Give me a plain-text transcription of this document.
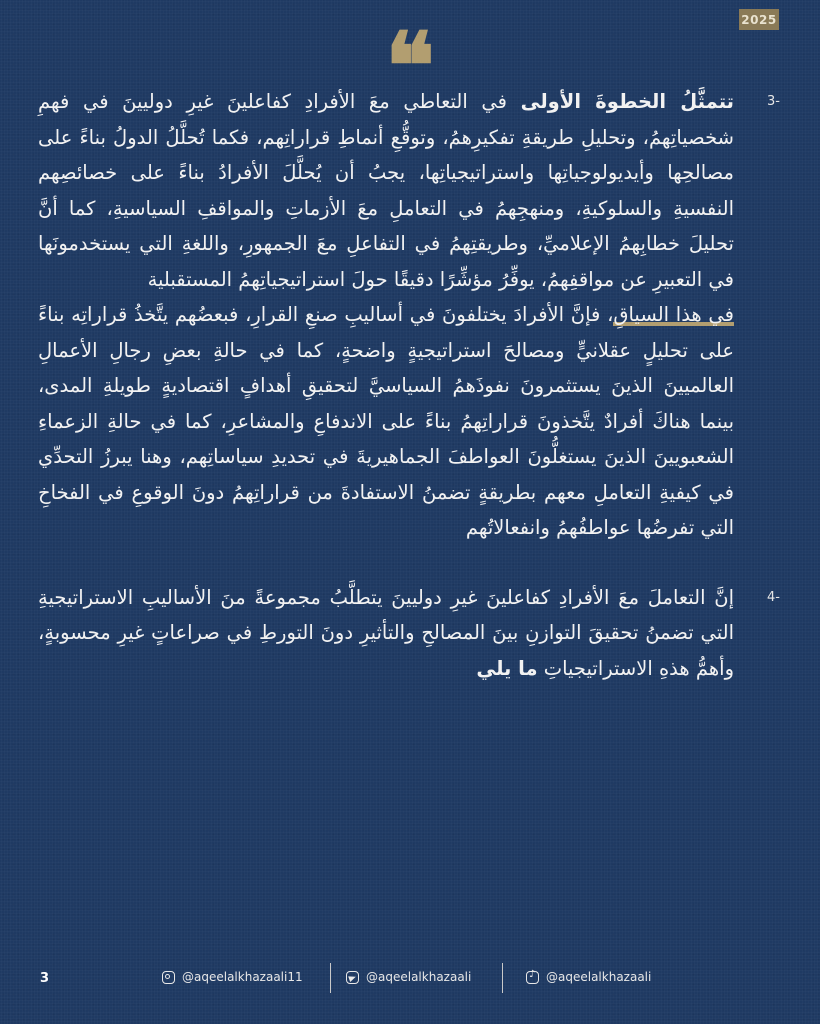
2025
❝	3-

تتمثَّلُ الخطوةَ الأولى في التعاطي معَ الأفرادِ كفاعلينَ غيرِ دوليينَ في فهمِ شخصياتِهمُ، وتحليلِ طريقةِ تفكيرِهمُ، وتوقُّعِ أنماطِ قراراتِهم، فكما تُحلَّلُ الدولُ بناءً على مصالحِها وأيديولوجياتِها واستراتيجياتِها، يجبُ أن يُحلَّلَ الأفرادُ بناءً على خصائصِهم النفسيةِ والسلوكيةِ، ومنهجِهمُ في التعاملِ معَ الأزماتِ والمواقفِ السياسيةِ، كما أنَّ تحليلَ خطابِهمُ الإعلاميِّ، وطريقتِهمُ في التفاعلِ معَ الجمهورِ، واللغةِ التي يستخدمونَها في التعبيرِ عن مواقفِهمُ، يوفِّرُ مؤشِّرًا دقيقًا حولَ استراتيجياتِهمُ المستقبلية
في هذا السياقِ، فإنَّ الأفرادَ يختلفونَ في أساليبِ صنعِ القرارِ، فبعضُهم يتَّخذُ قراراتِه بناءً على تحليلٍ عقلانيٍّ ومصالحَ استراتيجيةٍ واضحةٍ، كما في حالةِ بعضِ رجالِ الأعمالِ العالميينَ الذينَ يستثمرونَ نفوذَهمُ السياسيَّ لتحقيقِ أهدافٍ اقتصاديةٍ طويلةِ المدى، بينما هناكَ أفرادٌ يتَّخذونَ قراراتِهمُ بناءً على الاندفاعِ والمشاعرِ، كما في حالةِ الزعماءِ الشعبويينَ الذينَ يستغلُّونَ العواطفَ الجماهيريةَ في تحديدِ سياساتِهم، وهنا يبرزُ التحدِّي في كيفيةِ التعاملِ معهم بطريقةٍ تضمنُ الاستفادةَ من قراراتِهمُ دونَ الوقوعِ في الفخاخِ التي تفرضُها عواطفُهمُ وانفعالاتُهم

4-

إنَّ التعاملَ معَ الأفرادِ كفاعلينَ غيرِ دوليينَ يتطلَّبُ مجموعةً منَ الأساليبِ الاستراتيجيةِ التي تضمنُ تحقيقَ التوازنِ بينَ المصالحِ والتأثيرِ دونَ التورطِ في صراعاتٍ غيرِ محسوبةٍ، وأهمُّ هذهِ الاستراتيجياتِ ما يلي

3	@aqeelalkhazaali11	@aqeelalkhazaali
♪	@aqeelalkhazaali
